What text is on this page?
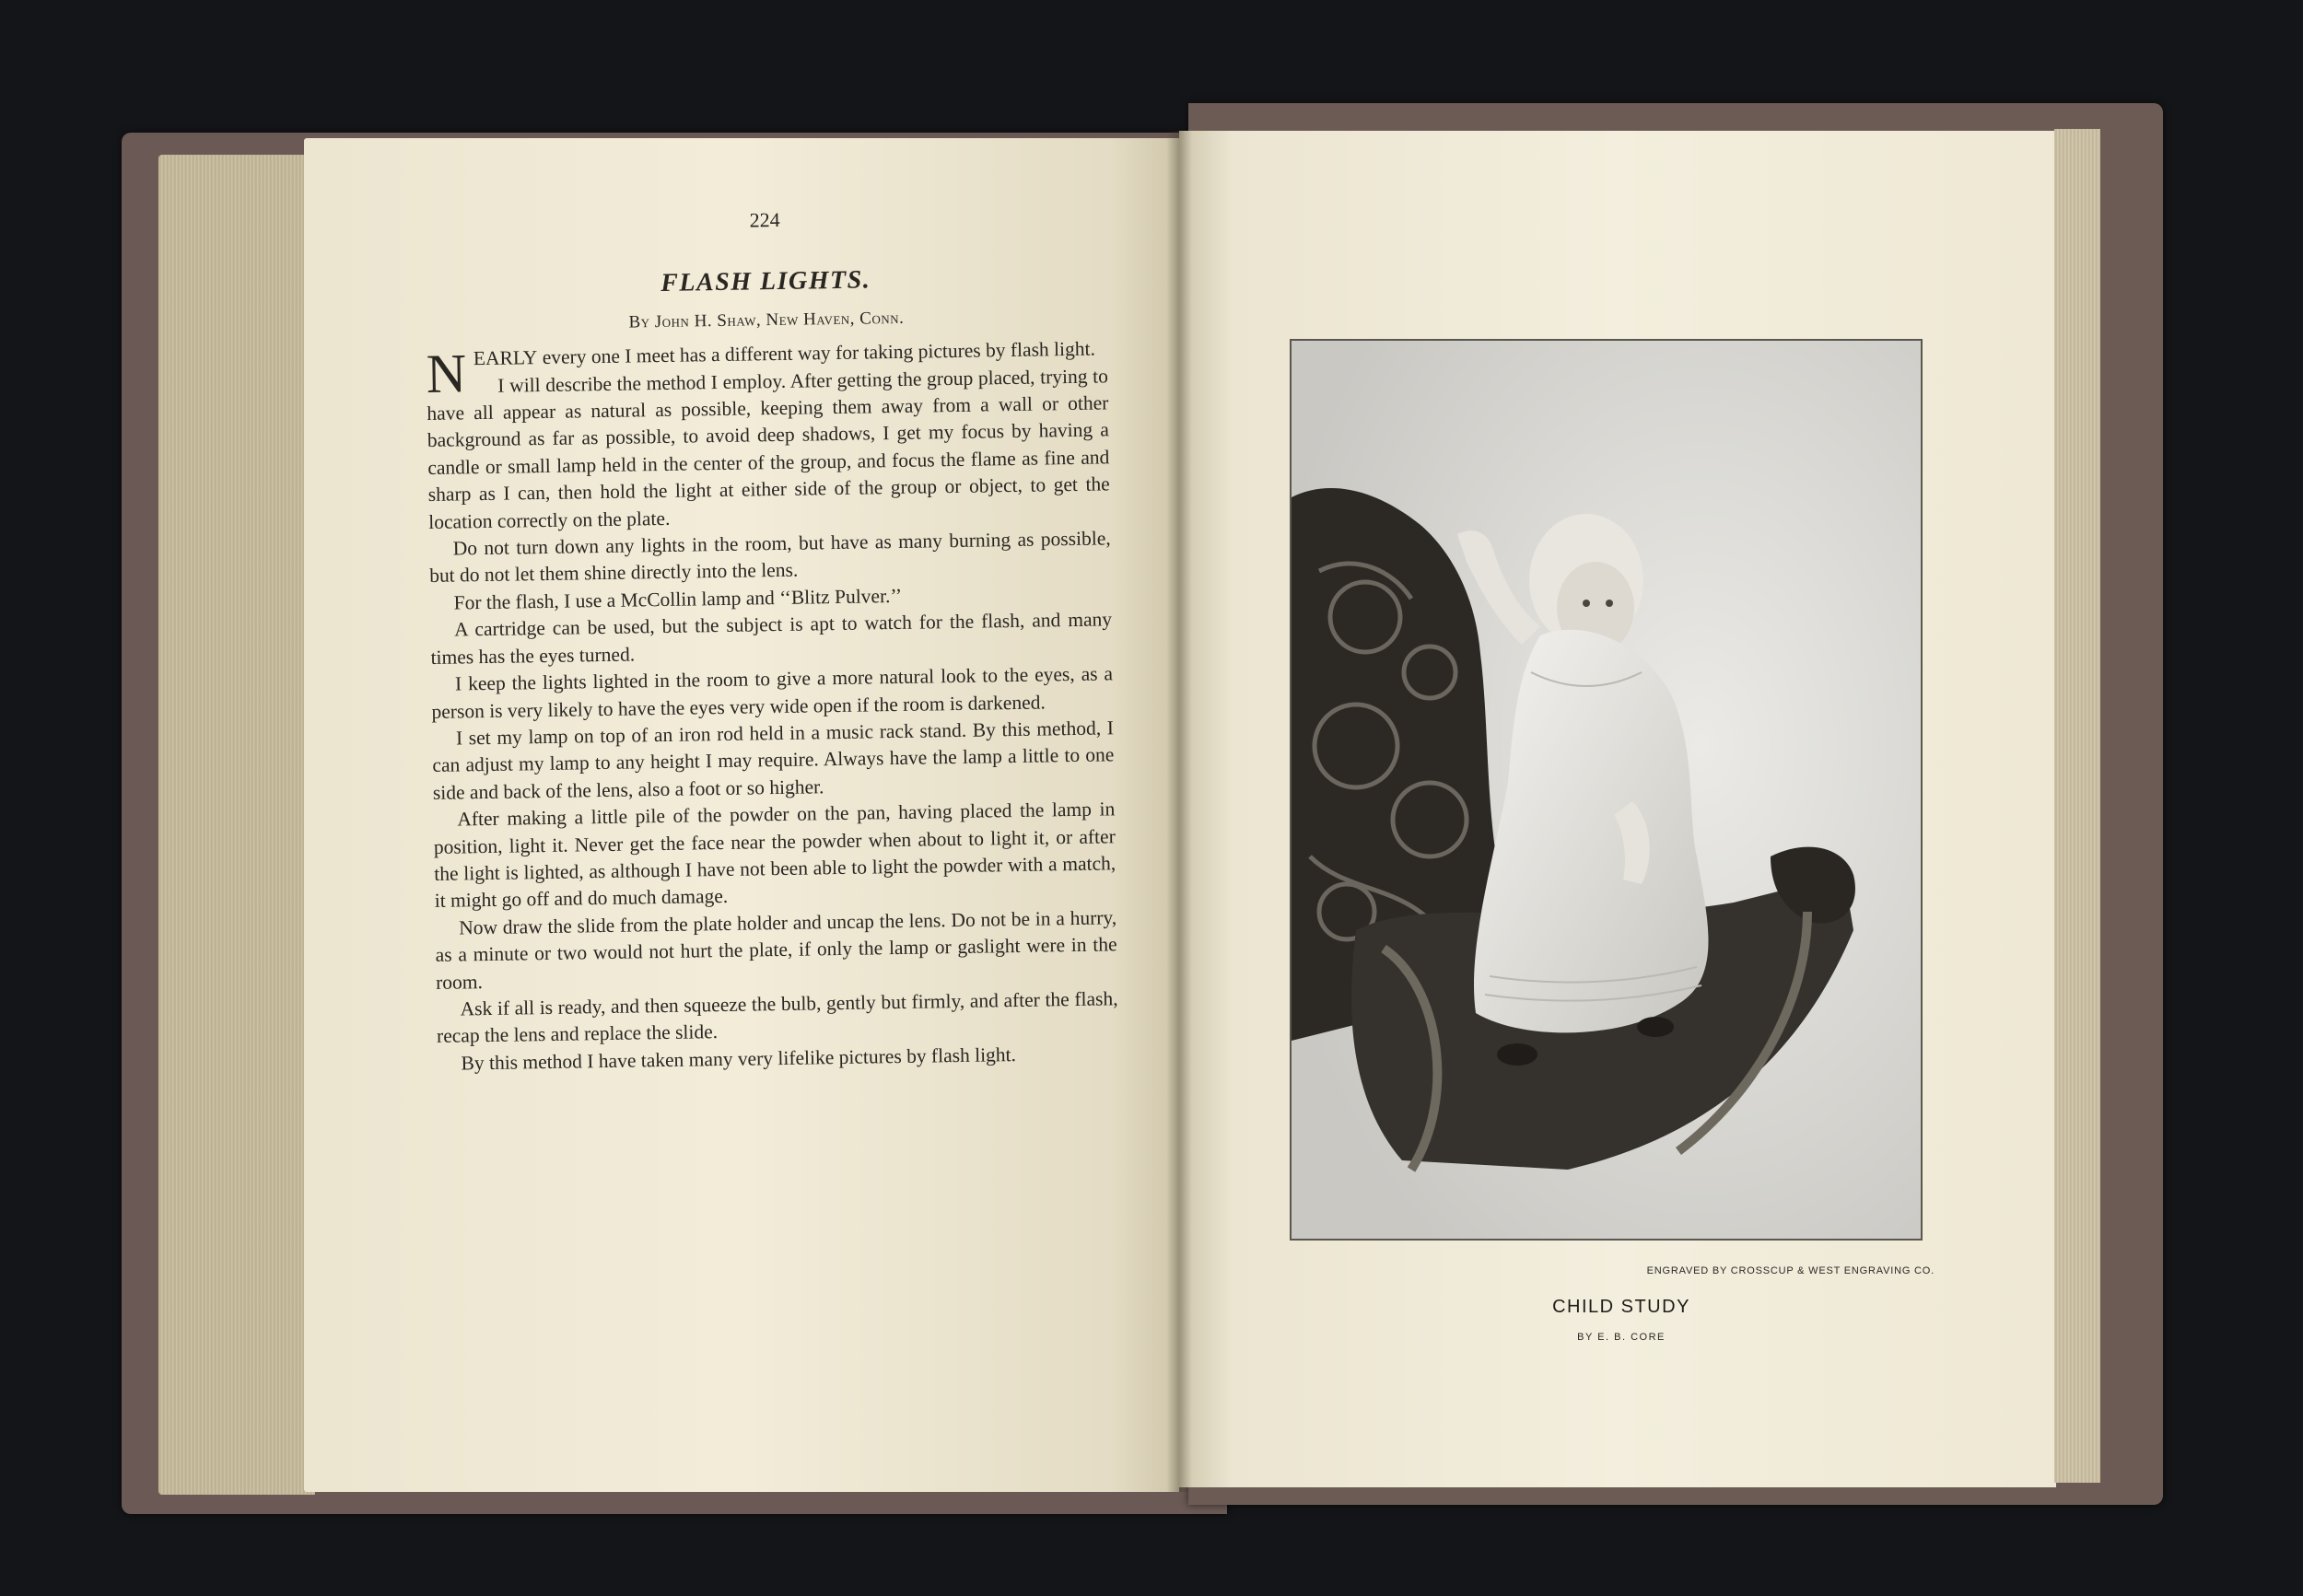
224
FLASH LIGHTS.
By John H. Shaw, New Haven, Conn.

NEARLY every one I meet has a different way for taking pictures by flash light.

I will describe the method I employ. After getting the group placed, trying to have all appear as natural as possible, keeping them away from a wall or other background as far as possible, to avoid deep shadows, I get my focus by having a candle or small lamp held in the center of the group, and focus the flame as fine and sharp as I can, then hold the light at either side of the group or object, to get the location correctly on the plate.

Do not turn down any lights in the room, but have as many burning as possible, but do not let them shine directly into the lens.

For the flash, I use a McCollin lamp and ‘‘Blitz Pulver.’’

A cartridge can be used, but the subject is apt to watch for the flash, and many times has the eyes turned.

I keep the lights lighted in the room to give a more natural look to the eyes, as a person is very likely to have the eyes very wide open if the room is darkened.

I set my lamp on top of an iron rod held in a music rack stand. By this method, I can adjust my lamp to any height I may require. Always have the lamp a little to one side and back of the lens, also a foot or so higher.

After making a little pile of the powder on the pan, having placed the lamp in position, light it. Never get the face near the powder when about to light it, or after the light is lighted, as although I have not been able to light the powder with a match, it might go off and do much damage.

Now draw the slide from the plate holder and uncap the lens. Do not be in a hurry, as a minute or two would not hurt the plate, if only the lamp or gaslight were in the room.

Ask if all is ready, and then squeeze the bulb, gently but firmly, and after the flash, recap the lens and replace the slide.

By this method I have taken many very lifelike pictures by flash light.

ENGRAVED BY CROSSCUP & WEST ENGRAVING CO.
CHILD STUDY
BY E. B. CORE
